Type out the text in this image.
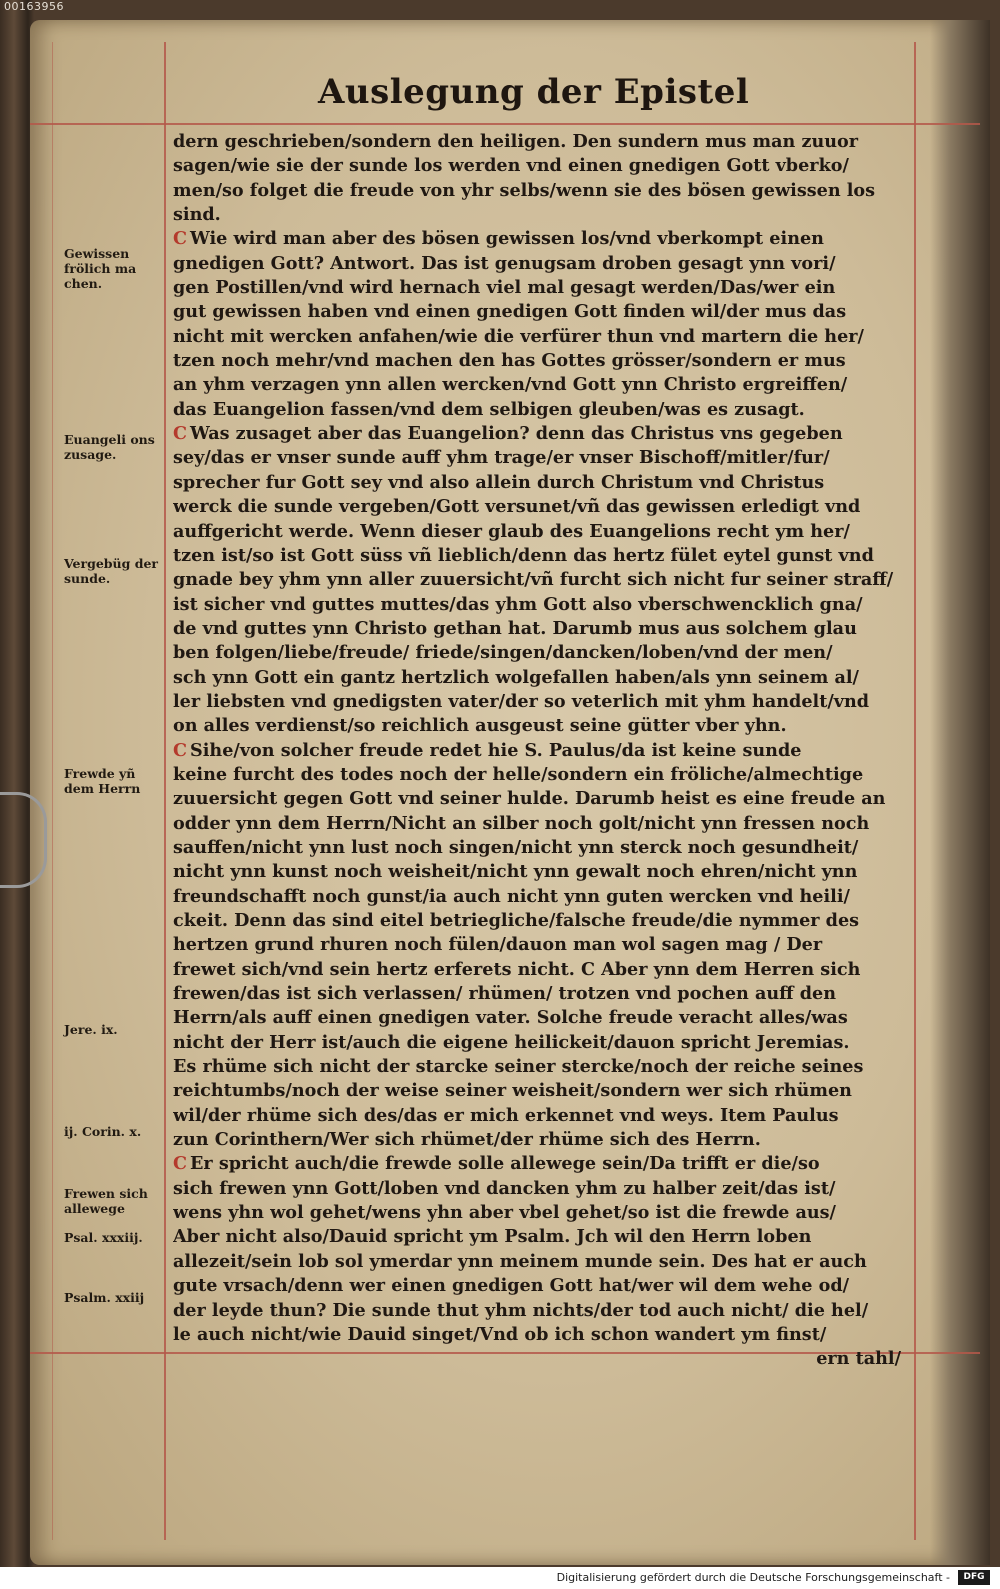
00163956
Auslegung der Epistel
dern geschrieben/sondern den heiligen. Den sundern mus man zuuor
sagen/wie sie der sunde los werden vnd einen gnedigen Gott vberko/
men/so folget die freude von yhr selbs/wenn sie des bösen gewissen los
sind.
C Wie wird man aber des bösen gewissen los/vnd vberkompt einen
gnedigen Gott? Antwort. Das ist genugsam droben gesagt ynn vori/
gen Postillen/vnd wird hernach viel mal gesagt werden/Das/wer ein
gut gewissen haben vnd einen gnedigen Gott finden wil/der mus das
nicht mit wercken anfahen/wie die verfürer thun vnd martern die her/
tzen noch mehr/vnd machen den has Gottes grösser/sondern er mus
an yhm verzagen ynn allen wercken/vnd Gott ynn Christo ergreiffen/
das Euangelion fassen/vnd dem selbigen gleuben/was es zusagt.
C Was zusaget aber das Euangelion? denn das Christus vns gegeben
sey/das er vnser sunde auff yhm trage/er vnser Bischoff/mitler/fur/
sprecher fur Gott sey vnd also allein durch Christum vnd Christus
werck die sunde vergeben/Gott versunet/vñ das gewissen erledigt vnd
auffgericht werde. Wenn dieser glaub des Euangelions recht ym her/
tzen ist/so ist Gott süss vñ lieblich/denn das hertz fület eytel gunst vnd
gnade bey yhm ynn aller zuuersicht/vñ furcht sich nicht fur seiner straff/
ist sicher vnd guttes muttes/das yhm Gott also vberschwencklich gna/
de vnd guttes ynn Christo gethan hat. Darumb mus aus solchem glau
ben folgen/liebe/freude/ friede/singen/dancken/loben/vnd der men/
sch ynn Gott ein gantz hertzlich wolgefallen haben/als ynn seinem al/
ler liebsten vnd gnedigsten vater/der so veterlich mit yhm handelt/vnd
on alles verdienst/so reichlich ausgeust seine gütter vber yhn.
C Sihe/von solcher freude redet hie S. Paulus/da ist keine sunde
keine furcht des todes noch der helle/sondern ein fröliche/almechtige
zuuersicht gegen Gott vnd seiner hulde. Darumb heist es eine freude an
odder ynn dem Herrn/Nicht an silber noch golt/nicht ynn fressen noch
sauffen/nicht ynn lust noch singen/nicht ynn sterck noch gesundheit/
nicht ynn kunst noch weisheit/nicht ynn gewalt noch ehren/nicht ynn
freundschafft noch gunst/ia auch nicht ynn guten wercken vnd heili/
ckeit. Denn das sind eitel betriegliche/falsche freude/die nymmer des
hertzen grund rhuren noch fülen/dauon man wol sagen mag / Der
frewet sich/vnd sein hertz erferets nicht. C Aber ynn dem Herren sich
frewen/das ist sich verlassen/ rhümen/ trotzen vnd pochen auff den
Herrn/als auff einen gnedigen vater. Solche freude veracht alles/was
nicht der Herr ist/auch die eigene heilickeit/dauon spricht Jeremias.
Es rhüme sich nicht der starcke seiner stercke/noch der reiche seines
reichtumbs/noch der weise seiner weisheit/sondern wer sich rhümen
wil/der rhüme sich des/das er mich erkennet vnd weys. Item Paulus
zun Corinthern/Wer sich rhümet/der rhüme sich des Herrn.
C Er spricht auch/die frewde solle allewege sein/Da trifft er die/so
sich frewen ynn Gott/loben vnd dancken yhm zu halber zeit/das ist/
wens yhn wol gehet/wens yhn aber vbel gehet/so ist die frewde aus/
Aber nicht also/Dauid spricht ym Psalm. Jch wil den Herrn loben
allezeit/sein lob sol ymerdar ynn meinem munde sein. Des hat er auch
gute vrsach/denn wer einen gnedigen Gott hat/wer wil dem wehe od/
der leyde thun? Die sunde thut yhm nichts/der tod auch nicht/ die hel/
le auch nicht/wie Dauid singet/Vnd ob ich schon wandert ym finst/
ern tahl/
Gewissen frölich ma chen.
Euangeli ons zusage.
Vergebüg der sunde.
Frewde yñ dem Herrn
Jere. ix.
ij. Corin. x.
Frewen sich allewege
Psal. xxxiij.
Psalm. xxiij
Digitalisierung gefördert durch die Deutsche Forschungsgemeinschaft -	DFG
